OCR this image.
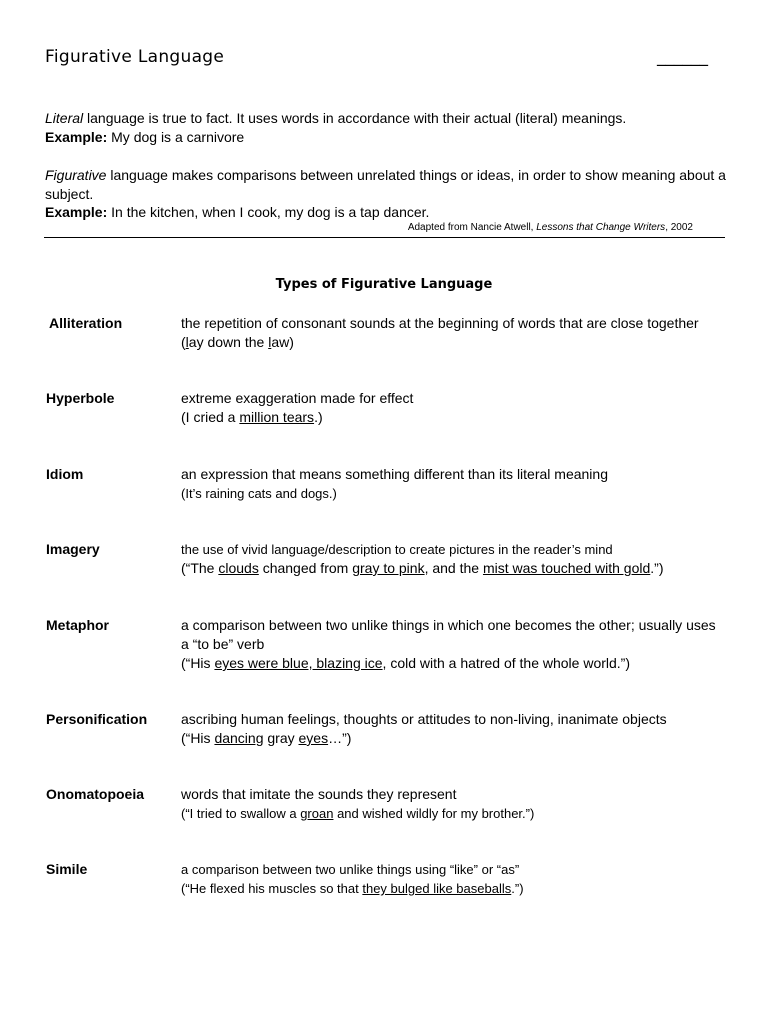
Figurative Language	______
Literal language is true to fact. It uses words in accordance with their actual (literal) meanings.
Example: My dog is a carnivore
Figurative language makes comparisons between unrelated things or ideas, in order to show meaning about a subject.
Example: In the kitchen, when I cook, my dog is a tap dancer.
Adapted from Nancie Atwell, Lessons that Change Writers, 2002
Types of Figurative Language
Alliteration	the repetition of consonant sounds at the beginning of words that are close together
(lay down the law)
Hyperbole	extreme exaggeration made for effect
(I cried a million tears.)
Idiom	an expression that means something different than its literal meaning
(It’s raining cats and dogs.)
Imagery	the use of vivid language/description to create pictures in the reader’s mind
(“The clouds changed from gray to pink, and the mist was touched with gold.”)
Metaphor	a comparison between two unlike things in which one becomes the other; usually uses a “to be” verb
(“His eyes were blue, blazing ice, cold with a hatred of the whole world.”)
Personification ascribing human feelings, thoughts or attitudes to non-living, inanimate objects
(“His dancing gray eyes…”)
Onomatopoeia	words that imitate the sounds they represent
(“I tried to swallow a groan and wished wildly for my brother.”)
Simile	a comparison between two unlike things using “like” or “as”
(“He flexed his muscles so that they bulged like baseballs.”)
